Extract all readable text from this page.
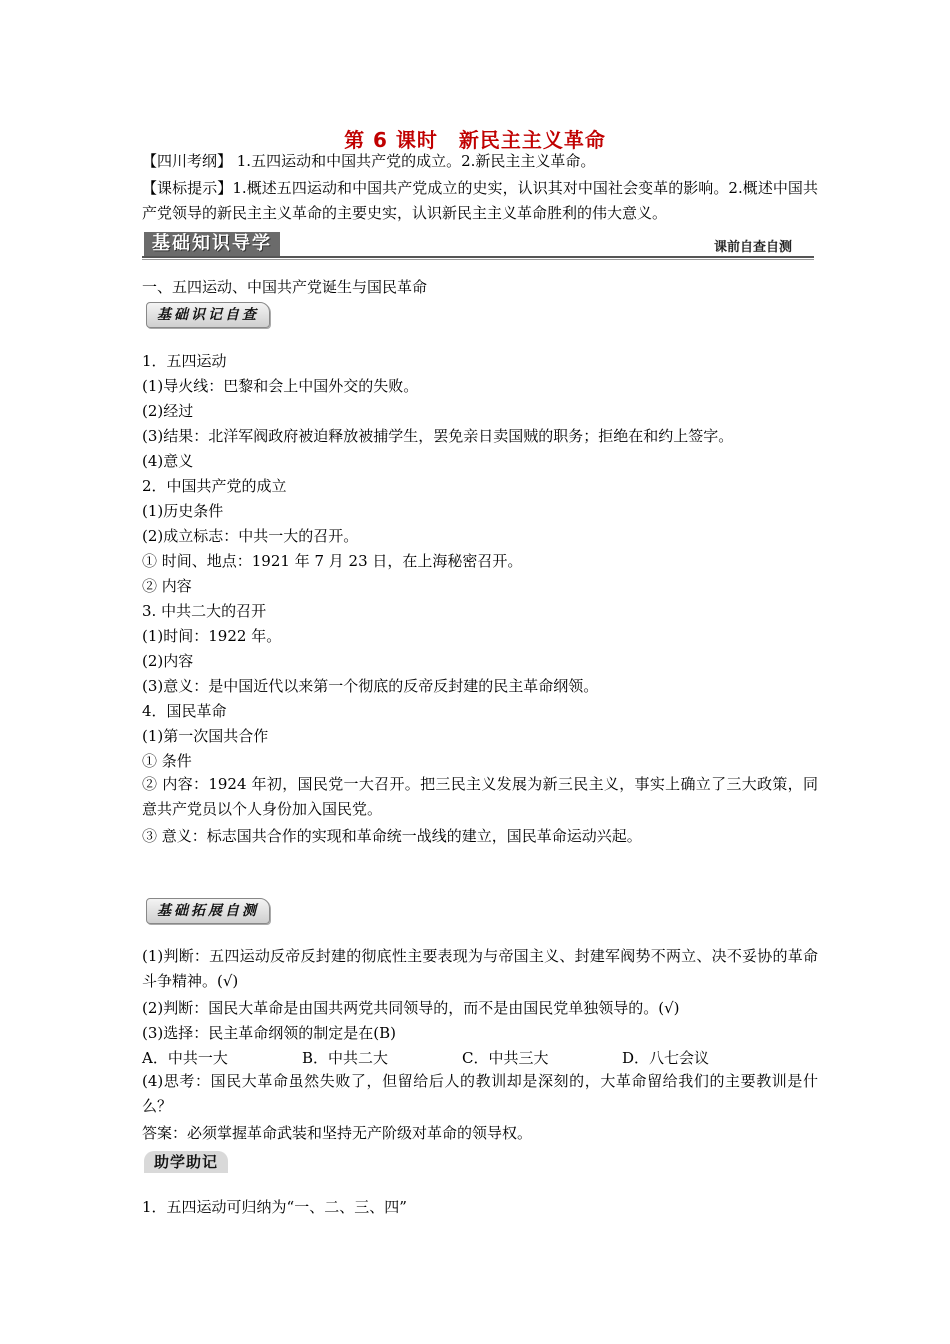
第 6 课时　新民主主义革命
【四川考纲】 1.五四运动和中国共产党的成立。2.新民主主义革命。
【课标提示】1.概述五四运动和中国共产党成立的史实，认识其对中国社会变革的影响。2.概述中国共产党领导的新民主主义革命的主要史实，认识新民主主义革命胜利的伟大意义。
基础知识导学	课前自查自测
一、五四运动、中国共产党诞生与国民革命
基础识记自查
1．五四运动
(1)导火线：巴黎和会上中国外交的失败。
(2)经过
(3)结果：北洋军阀政府被迫释放被捕学生，罢免亲日卖国贼的职务；拒绝在和约上签字。
(4)意义
2．中国共产党的成立
(1)历史条件
(2)成立标志：中共一大的召开。
① 时间、地点：1921 年 7 月 23 日，在上海秘密召开。
② 内容
3. 中共二大的召开
(1)时间：1922 年。
(2)内容
(3)意义：是中国近代以来第一个彻底的反帝反封建的民主革命纲领。
4．国民革命
(1)第一次国共合作
① 条件
② 内容：1924 年初，国民党一大召开。把三民主义发展为新三民主义，事实上确立了三大政策，同意共产党员以个人身份加入国民党。
③ 意义：标志国共合作的实现和革命统一战线的建立，国民革命运动兴起。
基础拓展自测
(1)判断：五四运动反帝反封建的彻底性主要表现为与帝国主义、封建军阀势不两立、决不妥协的革命斗争精神。(√)
(2)判断：国民大革命是由国共两党共同领导的，而不是由国民党单独领导的。(√)
(3)选择：民主革命纲领的制定是在(B)
A．中共一大	B．中共二大	C．中共三大	D．八七会议
(4)思考：国民大革命虽然失败了，但留给后人的教训却是深刻的，大革命留给我们的主要教训是什么？
答案：必须掌握革命武装和坚持无产阶级对革命的领导权。
助学助记
1．五四运动可归纳为“一、二、三、四”
